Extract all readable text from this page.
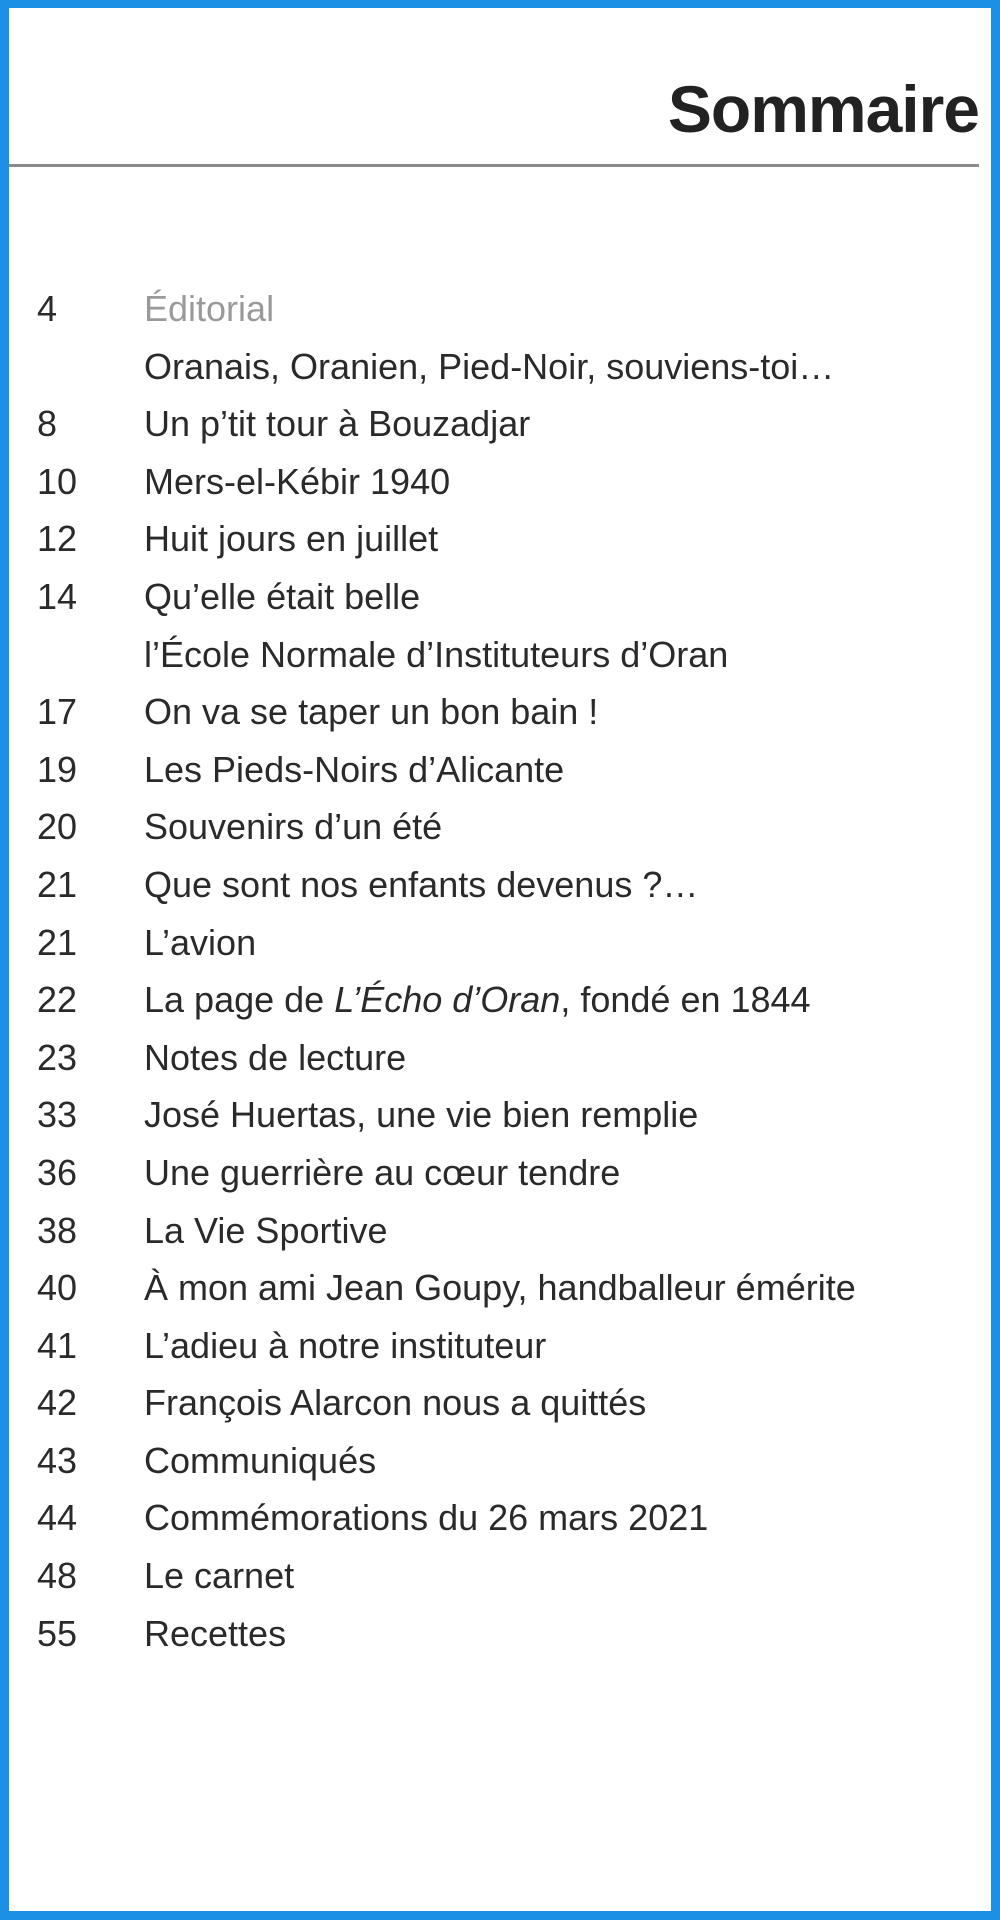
Sommaire
4	Éditorial
Oranais, Oranien, Pied-Noir, souviens-toi…
8	Un p’tit tour à Bouzadjar
10	Mers-el-Kébir 1940
12	Huit jours en juillet
14	Qu’elle était belle
l’École Normale d’Instituteurs d’Oran
17	On va se taper un bon bain !
19	Les Pieds-Noirs d’Alicante
20	Souvenirs d’un été
21	Que sont nos enfants devenus ?…
21	L’avion
22	La page de L’Écho d’Oran, fondé en 1844
23	Notes de lecture
33	José Huertas, une vie bien remplie
36	Une guerrière au cœur tendre
38	La Vie Sportive
40	À mon ami Jean Goupy, handballeur émérite
41	L’adieu à notre instituteur
42	François Alarcon nous a quittés
43	Communiqués
44	Commémorations du 26 mars 2021
48	Le carnet
55	Recettes
